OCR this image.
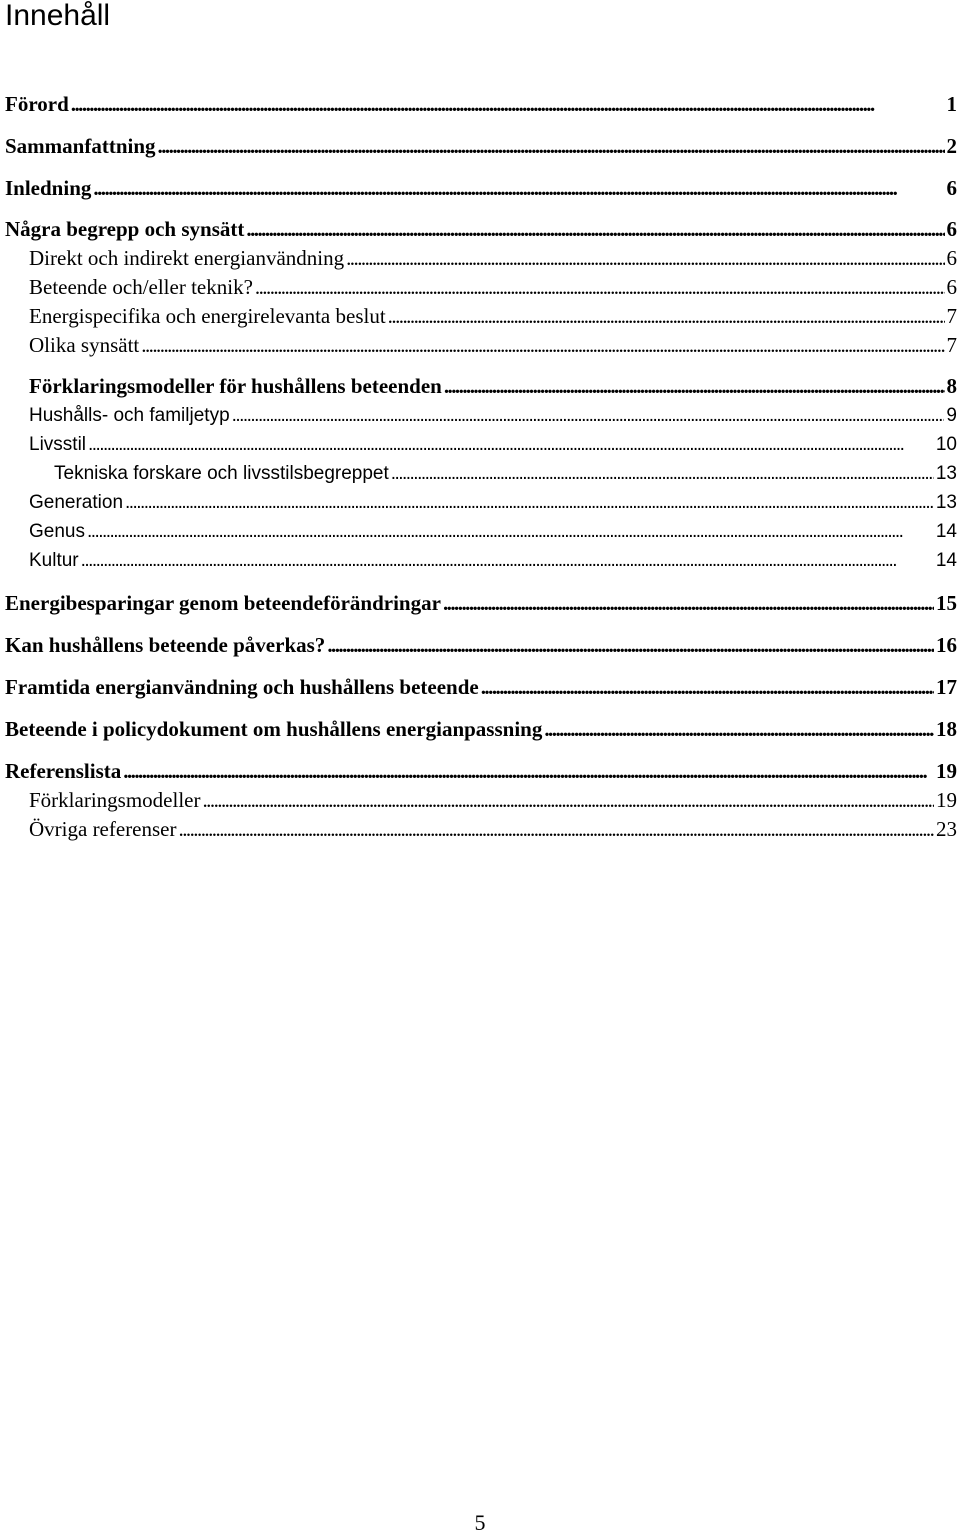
Innehåll
Förord . . .	1
Sammanfattning . . .	2
Inledning . . .	6
Några begrepp och synsätt . . .	6
Direkt och indirekt energianvändning . . .	6
Beteende och/eller teknik? . . .	6
Energispecifika och energirelevanta beslut . . .	7
Olika synsätt . . .	7
Förklaringsmodeller för hushållens beteenden . . .	8
Hushålls- och familjetyp . . .	9
Livsstil . . .	10
Tekniska forskare och livsstilsbegreppet . . .	13
Generation . . .	13
Genus . . .	14
Kultur . . .	14
Energibesparingar genom beteendeförändringar . . .	15
Kan hushållens beteende påverkas? . . .	16
Framtida energianvändning och hushållens beteende . . .	17
Beteende i policydokument om hushållens energianpassning . . .	18
Referenslista . . .	19
Förklaringsmodeller . . .	19
Övriga referenser . . .	23
5
